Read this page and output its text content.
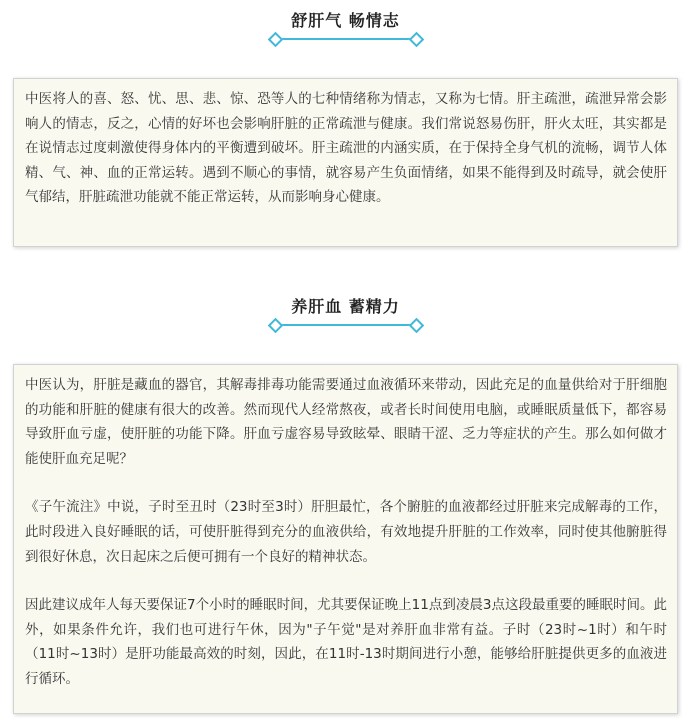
舒肝气 畅情志

中医将人的喜、怒、忧、思、悲、惊、恐等人的七种情绪称为情志，又称为七情。肝主疏泄，疏泄异常会影响人的情志，反之，心情的好坏也会影响肝脏的正常疏泄与健康。我们常说怒易伤肝，肝火太旺，其实都是在说情志过度刺激使得身体内的平衡遭到破坏。肝主疏泄的内涵实质，在于保持全身气机的流畅，调节人体精、气、神、血的正常运转。遇到不顺心的事情，就容易产生负面情绪，如果不能得到及时疏导，就会使肝气郁结，肝脏疏泄功能就不能正常运转，从而影响身心健康。

养肝血 蓄精力

中医认为，肝脏是藏血的器官，其解毒排毒功能需要通过血液循环来带动，因此充足的血量供给对于肝细胞的功能和肝脏的健康有很大的改善。然而现代人经常熬夜，或者长时间使用电脑，或睡眠质量低下，都容易导致肝血亏虚，使肝脏的功能下降。肝血亏虚容易导致眩晕、眼睛干涩、乏力等症状的产生。那么如何做才能使肝血充足呢？

《子午流注》中说，子时至丑时（23时至3时）肝胆最忙，各个腑脏的血液都经过肝脏来完成解毒的工作，此时段进入良好睡眠的话，可使肝脏得到充分的血液供给，有效地提升肝脏的工作效率，同时使其他腑脏得到很好休息，次日起床之后便可拥有一个良好的精神状态。

因此建议成年人每天要保证7个小时的睡眠时间，尤其要保证晚上11点到凌晨3点这段最重要的睡眠时间。此外，如果条件允许，我们也可进行午休，因为"子午觉"是对养肝血非常有益。子时（23时~1时）和午时（11时~13时）是肝功能最高效的时刻，因此，在11时-13时期间进行小憩，能够给肝脏提供更多的血液进行循环。
